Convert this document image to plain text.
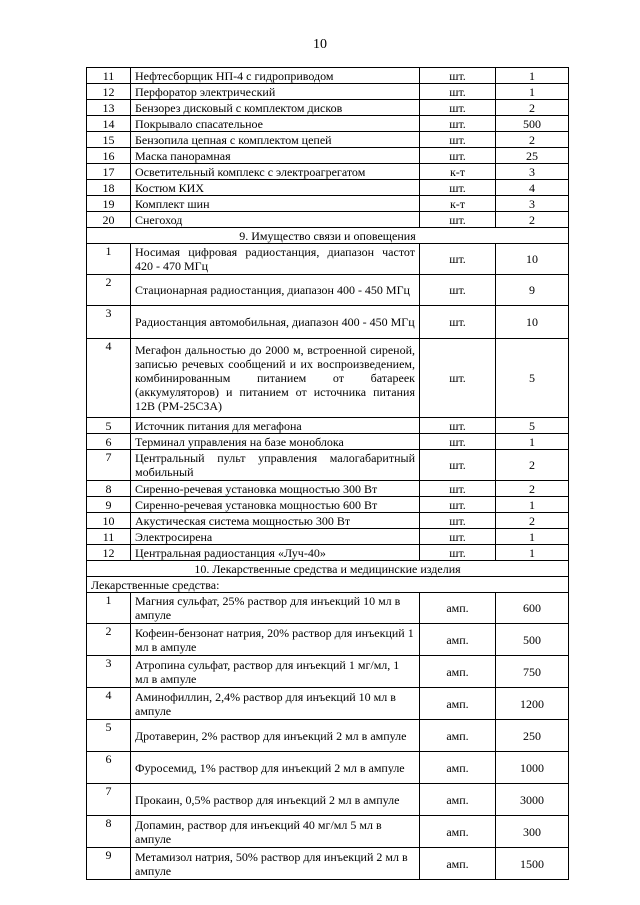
10
11	Нефтесборщик НП-4 с гидроприводом	шт.	1
12	Перфоратор электрический	шт.	1
13	Бензорез дисковый с комплектом дисков	шт.	2
14	Покрывало спасательное	шт.	500
15	Бензопила цепная с комплектом цепей	шт.	2
16	Маска панорамная	шт.	25
17	Осветительный комплекс с электроагрегатом	к-т	3
18	Костюм КИХ	шт.	4
19	Комплект шин	к-т	3
20	Снегоход	шт.	2
9. Имущество связи и оповещения			
1	Носимая цифровая радиостанция, диапазон частот 420 - 470 МГц	шт.	10
2	Стационарная радиостанция, диапазон 400 - 450 МГц	шт.	9
3	Радиостанция автомобильная, диапазон 400 - 450 МГц	шт.	10
4	Мегафон дальностью до 2000 м, встроенной сиреной, записью речевых сообщений и их воспроизведением, комбинированным питанием от батареек (аккумуляторов) и питанием от источника питания 12В (РМ-25СЗА)	шт.	5
5	Источник питания для мегафона	шт.	5
6	Терминал управления на базе моноблока	шт.	1
7	Центральный пульт управления малогабаритный мобильный	шт.	2
8	Сиренно-речевая установка мощностью 300 Вт	шт.	2
9	Сиренно-речевая установка мощностью 600 Вт	шт.	1
10	Акустическая система мощностью 300 Вт	шт.	2
11	Электросирена	шт.	1
12	Центральная радиостанция «Луч-40»	шт.	1
10. Лекарственные средства и медицинские изделия			
Лекарственные средства:			
1	Магния сульфат, 25% раствор для инъекций 10 мл в ампуле	амп.	600
2	Кофеин-бензонат натрия, 20% раствор для инъекций 1 мл в ампуле	амп.	500
3	Атропина сульфат, раствор для инъекций 1 мг/мл, 1 мл в ампуле	амп.	750
4	Аминофиллин, 2,4% раствор для инъекций 10 мл в ампуле	амп.	1200
5	Дротаверин, 2% раствор для инъекций 2 мл в ампуле	амп.	250
6	Фуросемид, 1% раствор для инъекций 2 мл в ампуле	амп.	1000
7	Прокаин, 0,5% раствор для инъекций 2 мл в ампуле	амп.	3000
8	Допамин, раствор для инъекций 40 мг/мл 5 мл в ампуле	амп.	300
9	Метамизол натрия, 50% раствор для инъекций 2 мл в ампуле	амп.	1500
